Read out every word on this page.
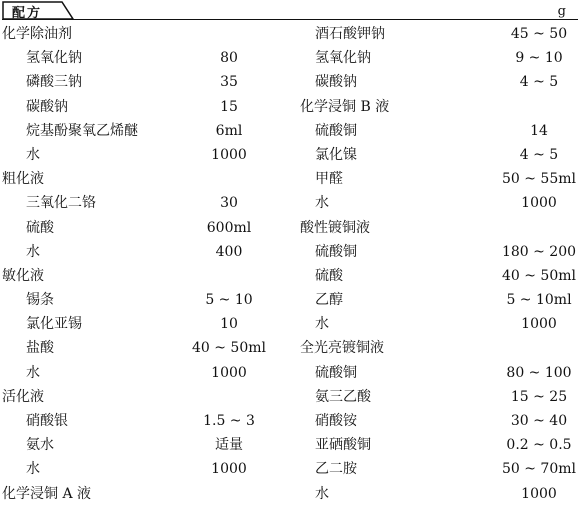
配方	g
化学除油剂
氢氧化钠	80
磷酸三钠	35
碳酸钠	15
烷基酚聚氧乙烯醚	6ml
水	1000
粗化液
三氧化二铬	30
硫酸	600ml
水	400
敏化液
锡条	5 ~ 10
氯化亚锡	10
盐酸	40 ~ 50ml
水	1000
活化液
硝酸银	1.5 ~ 3
氨水	适量
水	1000
化学浸铜 A 液
酒石酸钾钠	45 ~ 50
氢氧化钠	9 ~ 10
碳酸钠	4 ~ 5
化学浸铜 B 液
硫酸铜	14
氯化镍	4 ~ 5
甲醛	50 ~ 55ml
水	1000
酸性镀铜液
硫酸铜	180 ~ 200
硫酸	40 ~ 50ml
乙醇	5 ~ 10ml
水	1000
全光亮镀铜液
硫酸铜	80 ~ 100
氨三乙酸	15 ~ 25
硝酸铵	30 ~ 40
亚硒酸铜	0.2 ~ 0.5
乙二胺	50 ~ 70ml
水	1000
